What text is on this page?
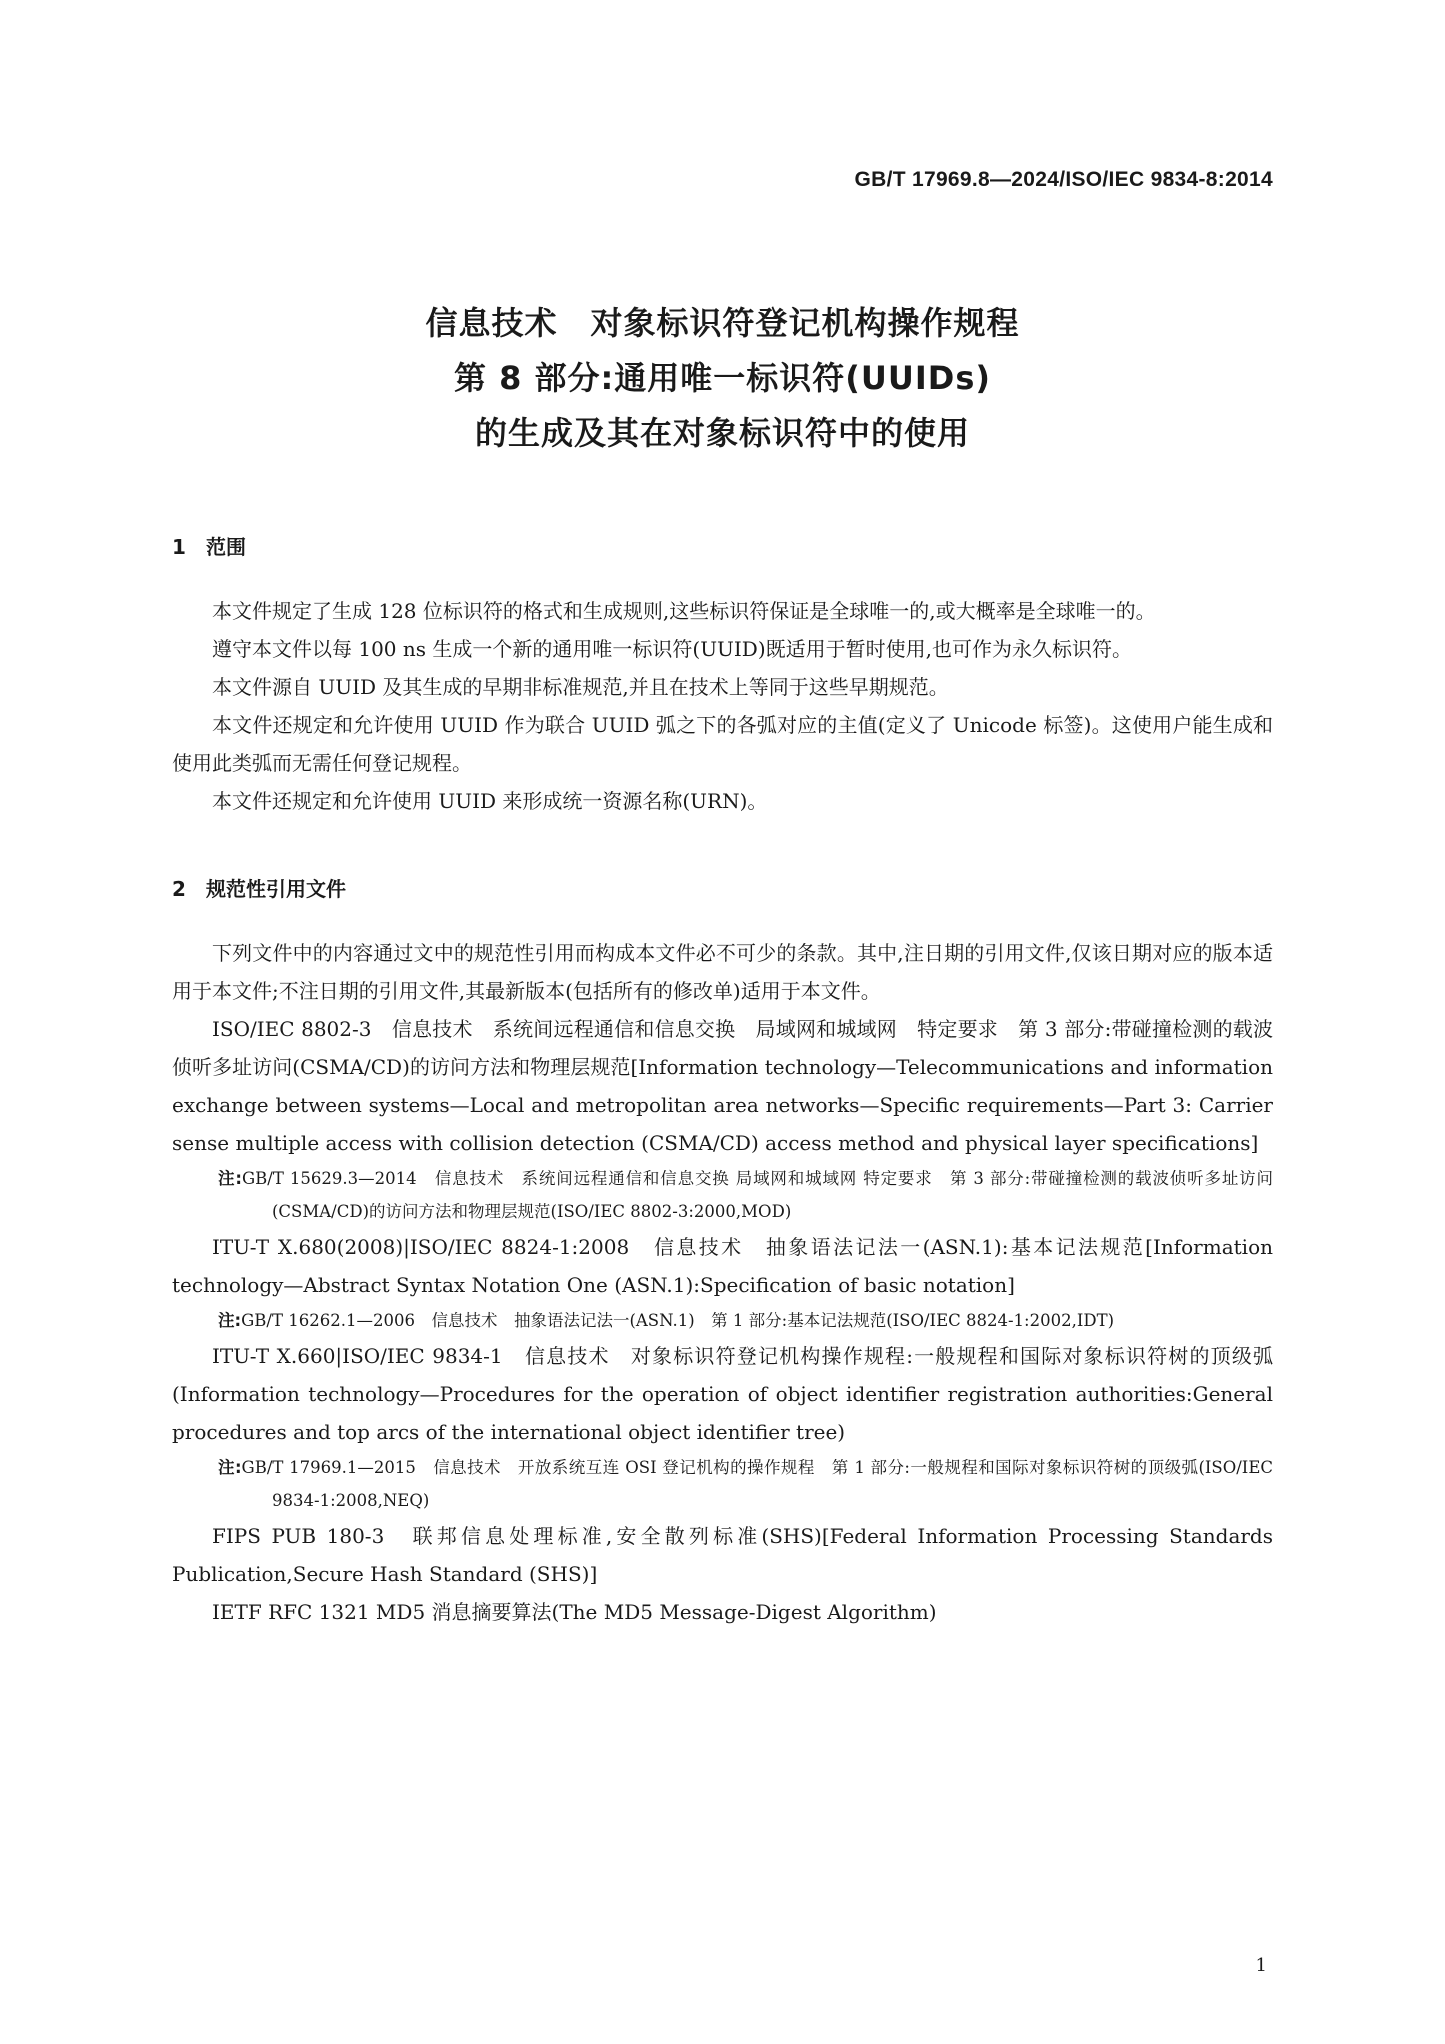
GB/T 17969.8—2024/ISO/IEC 9834-8:2014
信息技术　对象标识符登记机构操作规程
第 8 部分:通用唯一标识符(UUIDs)
的生成及其在对象标识符中的使用
1 范围

本文件规定了生成 128 位标识符的格式和生成规则,这些标识符保证是全球唯一的,或大概率是全球唯一的。

遵守本文件以每 100 ns 生成一个新的通用唯一标识符(UUID)既适用于暂时使用,也可作为永久标识符。

本文件源自 UUID 及其生成的早期非标准规范,并且在技术上等同于这些早期规范。

本文件还规定和允许使用 UUID 作为联合 UUID 弧之下的各弧对应的主值(定义了 Unicode 标签)。这使用户能生成和使用此类弧而无需任何登记规程。

本文件还规定和允许使用 UUID 来形成统一资源名称(URN)。

2 规范性引用文件

下列文件中的内容通过文中的规范性引用而构成本文件必不可少的条款。其中,注日期的引用文件,仅该日期对应的版本适用于本文件;不注日期的引用文件,其最新版本(包括所有的修改单)适用于本文件。

ISO/IEC 8802-3　信息技术　系统间远程通信和信息交换　局域网和城域网　特定要求　第 3 部分:带碰撞检测的载波侦听多址访问(CSMA/CD)的访问方法和物理层规范[Information technology—Telecommunications and information exchange between systems—Local and metropolitan area networks—Specific requirements—Part 3: Carrier sense multiple access with collision detection (CSMA/CD) access method and physical layer specifications]

注:GB/T 15629.3—2014　信息技术　系统间远程通信和信息交换 局域网和城域网 特定要求　第 3 部分:带碰撞检测的载波侦听多址访问(CSMA/CD)的访问方法和物理层规范(ISO/IEC 8802-3:2000,MOD)

ITU-T X.680(2008)|ISO/IEC 8824-1:2008　信息技术　抽象语法记法一(ASN.1):基本记法规范[Information technology—Abstract Syntax Notation One (ASN.1):Specification of basic notation]

注:GB/T 16262.1—2006　信息技术　抽象语法记法一(ASN.1)　第 1 部分:基本记法规范(ISO/IEC 8824-1:2002,IDT)

ITU-T X.660|ISO/IEC 9834-1　信息技术　对象标识符登记机构操作规程:一般规程和国际对象标识符树的顶级弧(Information technology—Procedures for the operation of object identifier registration authorities:General procedures and top arcs of the international object identifier tree)

注:GB/T 17969.1—2015　信息技术　开放系统互连 OSI 登记机构的操作规程　第 1 部分:一般规程和国际对象标识符树的顶级弧(ISO/IEC 9834-1:2008,NEQ)

FIPS PUB 180-3　联邦信息处理标准,安全散列标准(SHS)[Federal Information Processing Standards Publication,Secure Hash Standard (SHS)]

IETF RFC 1321 MD5 消息摘要算法(The MD5 Message-Digest Algorithm)

1
